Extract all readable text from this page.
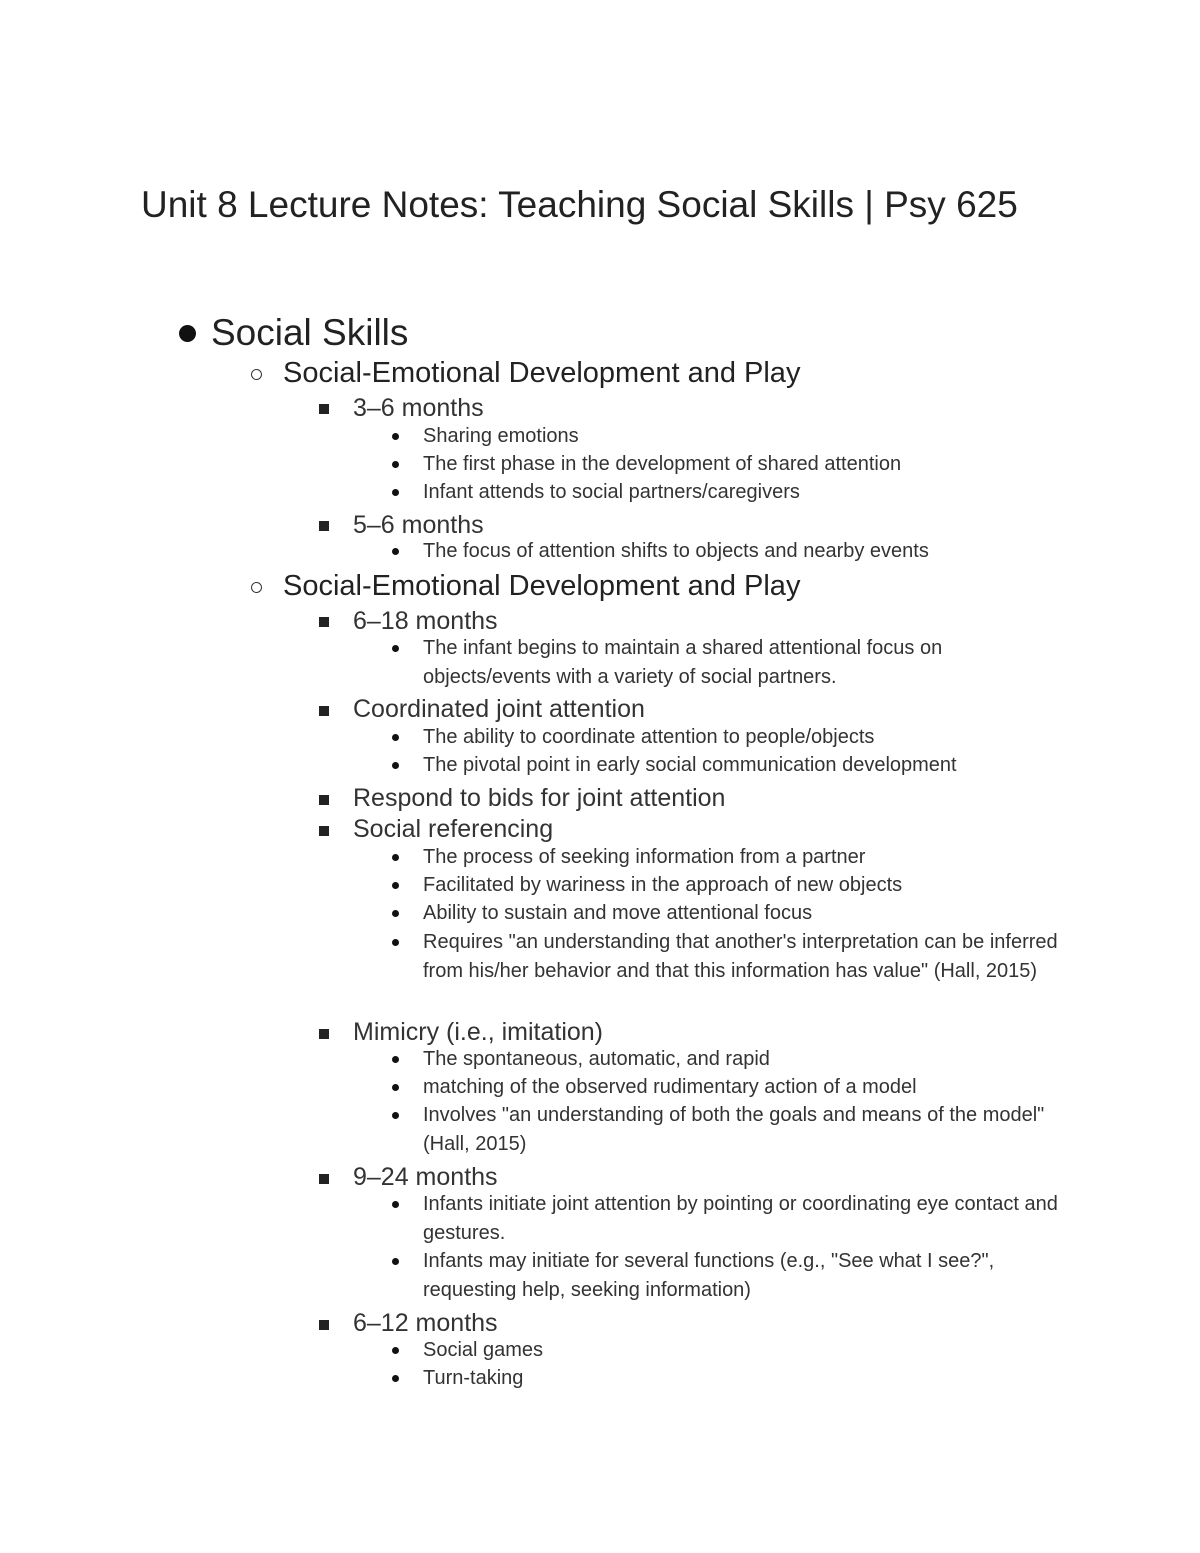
Unit 8 Lecture Notes: Teaching Social Skills | Psy 625
Social Skills
Social-Emotional Development and Play
3–6 months
Sharing emotions
The first phase in the development of shared attention
Infant attends to social partners/caregivers
5–6 months
The focus of attention shifts to objects and nearby events
Social-Emotional Development and Play
6–18 months
The infant begins to maintain a shared attentional focus on objects/events with a variety of social partners.
Coordinated joint attention
The ability to coordinate attention to people/objects
The pivotal point in early social communication development
Respond to bids for joint attention
Social referencing
The process of seeking information from a partner
Facilitated by wariness in the approach of new objects
Ability to sustain and move attentional focus
Requires "an understanding that another's interpretation can be inferred from his/her behavior and that this information has value" (Hall, 2015)
Mimicry (i.e., imitation)
The spontaneous, automatic, and rapid
matching of the observed rudimentary action of a model
Involves "an understanding of both the goals and means of the model" (Hall, 2015)
9–24 months
Infants initiate joint attention by pointing or coordinating eye contact and gestures.
Infants may initiate for several functions (e.g., "See what I see?", requesting help, seeking information)
6–12 months
Social games
Turn-taking
